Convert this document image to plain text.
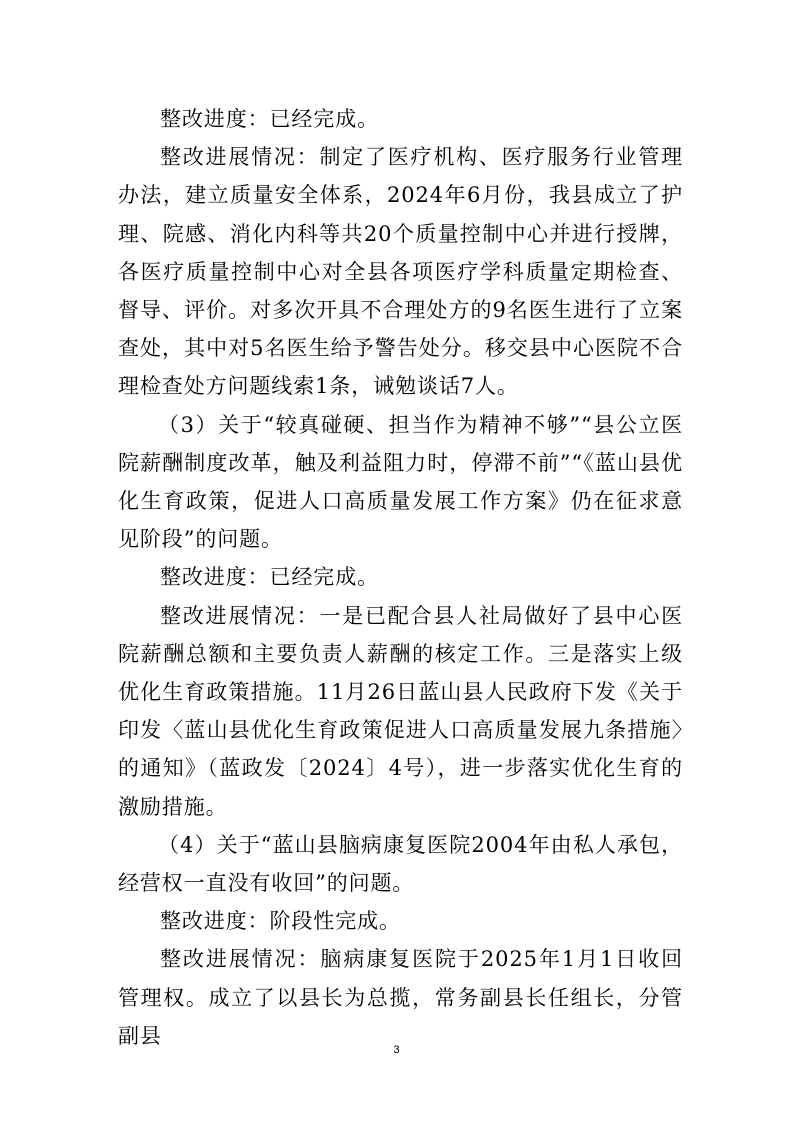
整改进度：已经完成。

整改进展情况：制定了医疗机构、医疗服务行业管理办法，建立质量安全体系，2024年6月份，我县成立了护理、院感、消化内科等共20个质量控制中心并进行授牌，各医疗质量控制中心对全县各项医疗学科质量定期检查、督导、评价。对多次开具不合理处方的9名医生进行了立案查处，其中对5名医生给予警告处分。移交县中心医院不合理检查处方问题线索1条，诫勉谈话7人。

（3）关于“较真碰硬、担当作为精神不够”“县公立医院薪酬制度改革，触及利益阻力时，停滞不前”“《蓝山县优化生育政策，促进人口高质量发展工作方案》仍在征求意见阶段”的问题。

整改进度：已经完成。

整改进展情况：一是已配合县人社局做好了县中心医院薪酬总额和主要负责人薪酬的核定工作。三是落实上级优化生育政策措施。11月26日蓝山县人民政府下发《关于印发〈蓝山县优化生育政策促进人口高质量发展九条措施〉的通知》（蓝政发〔2024〕4号），进一步落实优化生育的激励措施。

（4）关于“蓝山县脑病康复医院2004年由私人承包，经营权一直没有收回”的问题。

整改进度：阶段性完成。

整改进展情况：脑病康复医院于2025年1月1日收回管理权。成立了以县长为总揽，常务副县长任组长，分管副县

3
